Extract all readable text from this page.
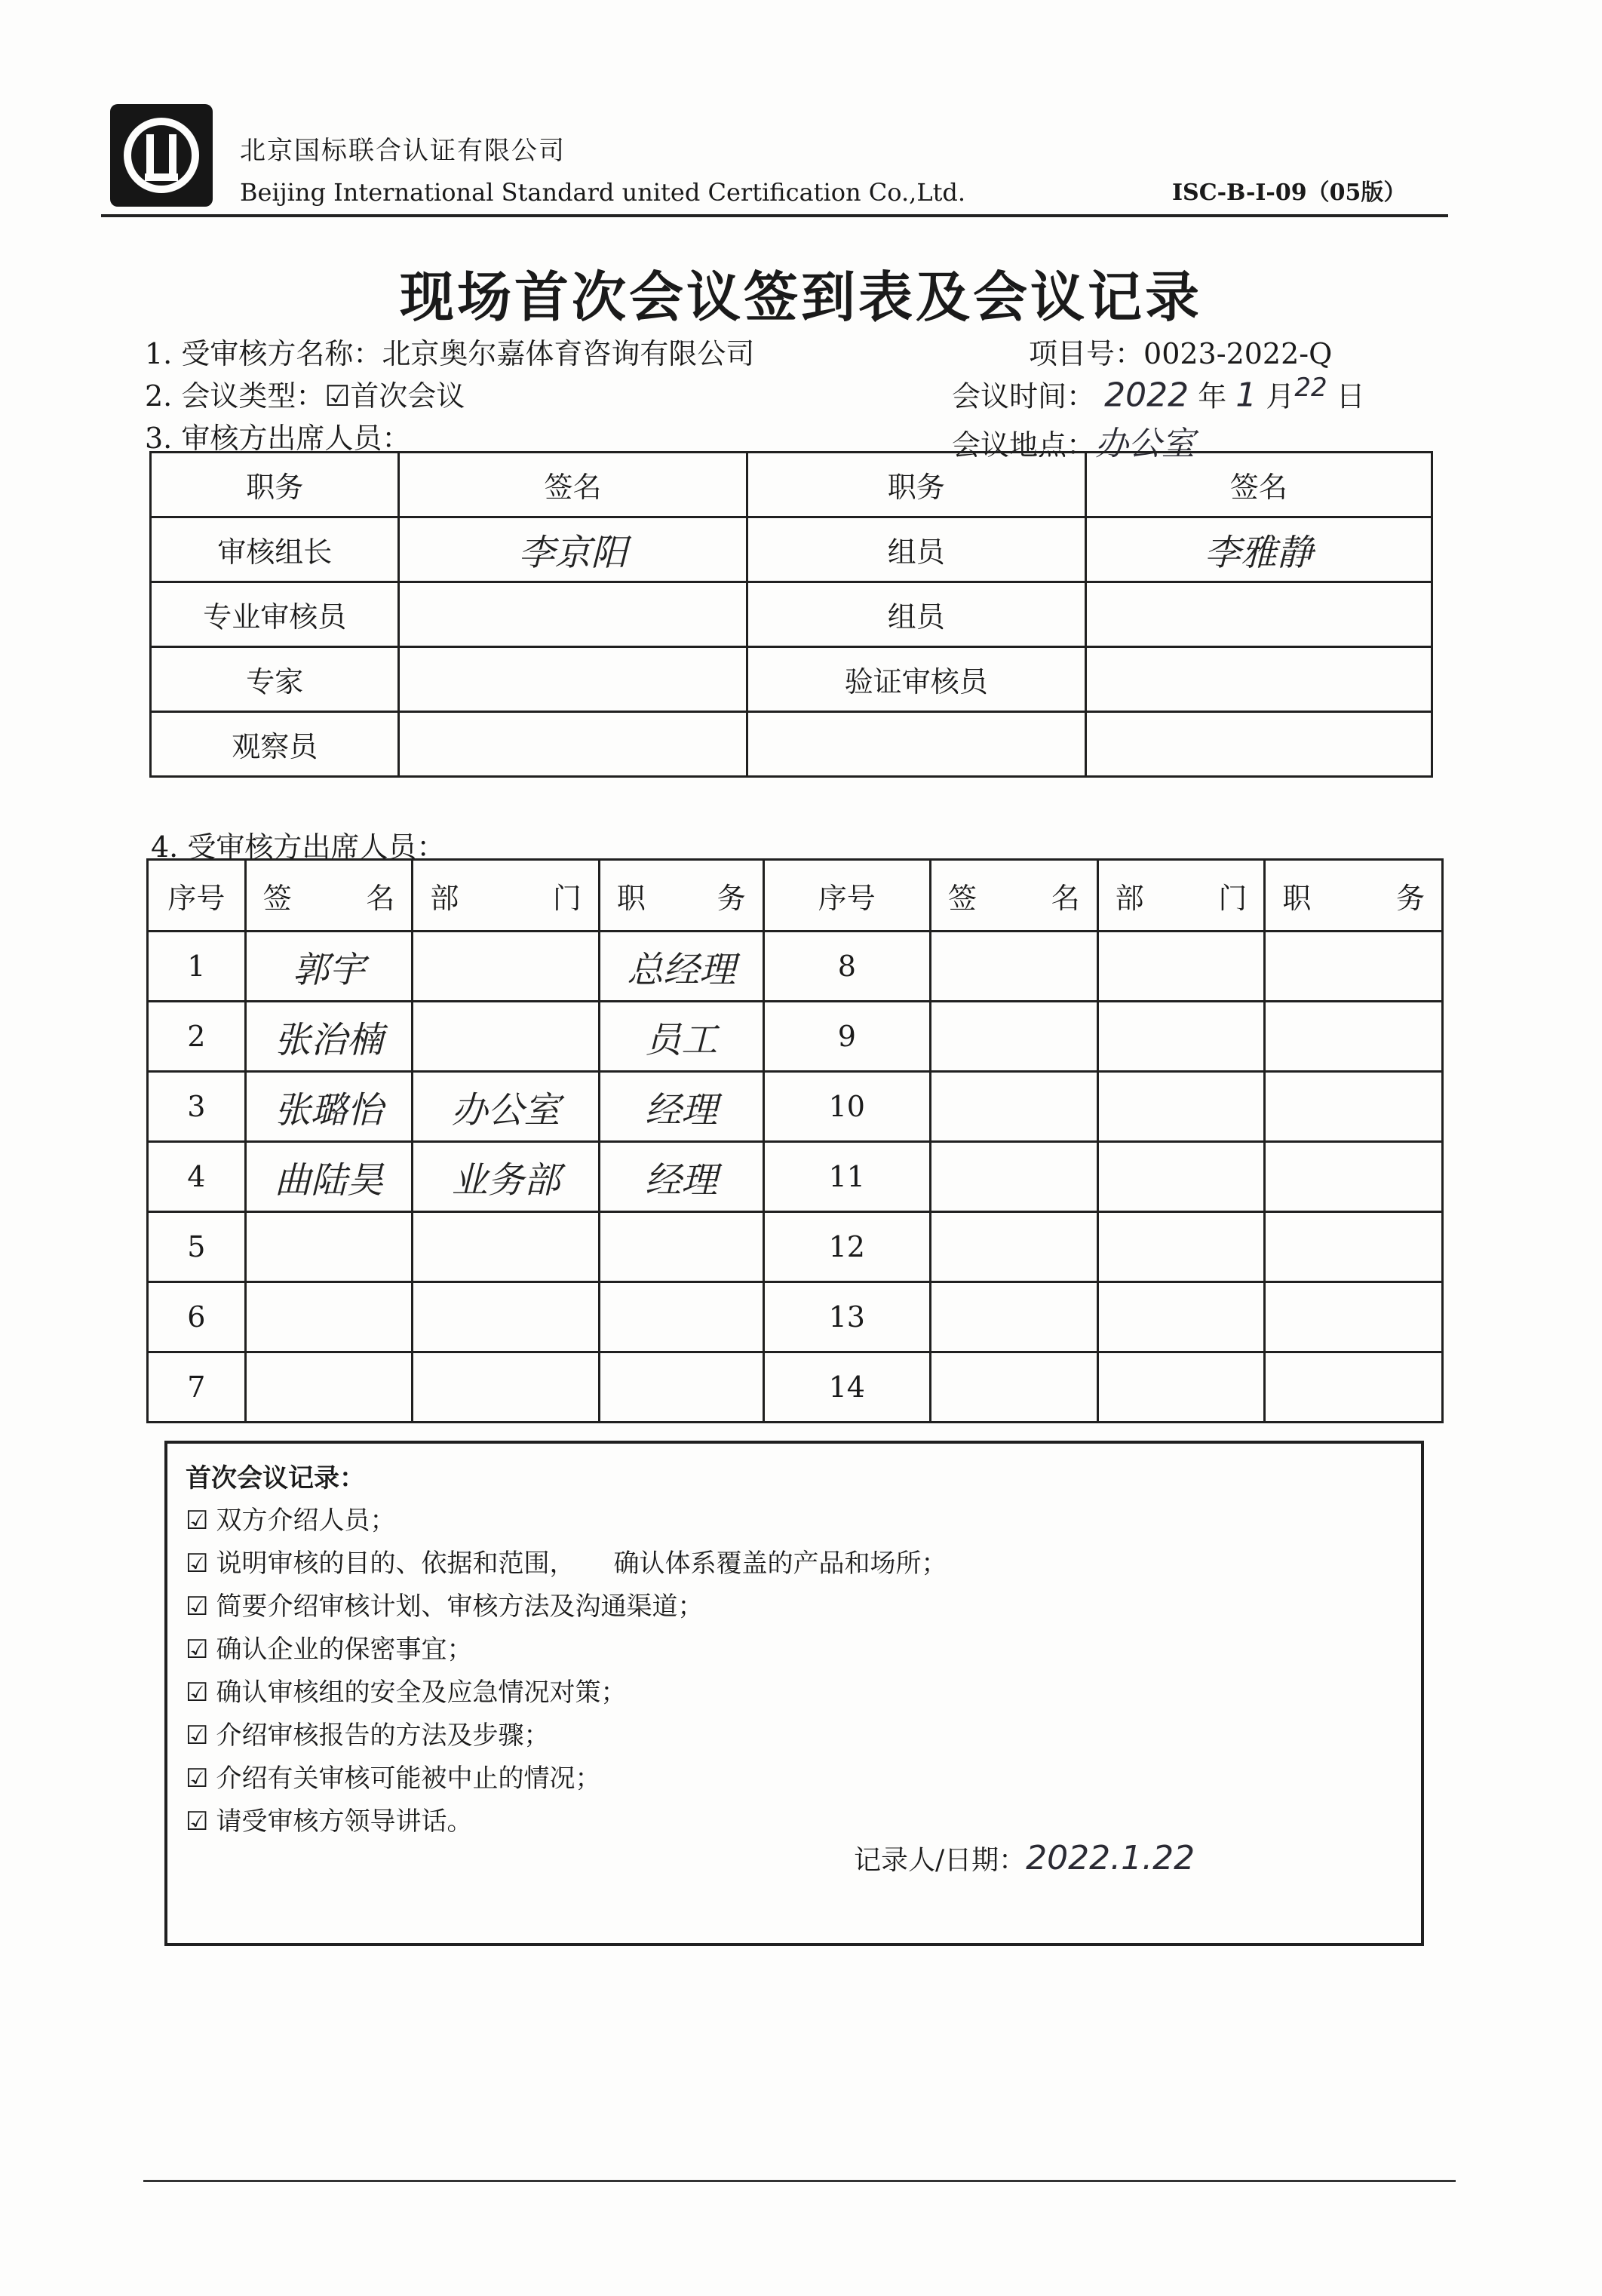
北京国标联合认证有限公司
Beijing International Standard united Certification Co.,Ltd.	ISC-B-I-09（05版）
现场首次会议签到表及会议记录
1. 受审核方名称：北京奥尔嘉体育咨询有限公司	项目号：0023-2022-Q
2. 会议类型：☑首次会议	会议时间： 2022 年 1 月$^{22}$ 日
3. 审核方出席人员：	会议地点：办公室
职务	签名	职务	签名
审核组长	李京阳	组员	李雅静
专业审核员		组员	
专家		验证审核员	
观察员			
4. 受审核方出席人员：
序号	签 名	部 门	职 务	序号	签 名	部 门	职 务

1	郭宇		总经理	8			
2	张治楠		员工	9			
3	张璐怡	办公室	经理	10			
4	曲陆昊	业务部	经理	11			
5				12			
6				13			
7				14			
首次会议记录：
☑ 双方介绍人员；
☑ 说明审核的目的、依据和范围，　　确认体系覆盖的产品和场所；
☑ 简要介绍审核计划、审核方法及沟通渠道；
☑ 确认企业的保密事宜；
☑ 确认审核组的安全及应急情况对策；
☑ 介绍审核报告的方法及步骤；
☑ 介绍有关审核可能被中止的情况；
☑ 请受审核方领导讲话。
记录人/日期：2022.1.22
